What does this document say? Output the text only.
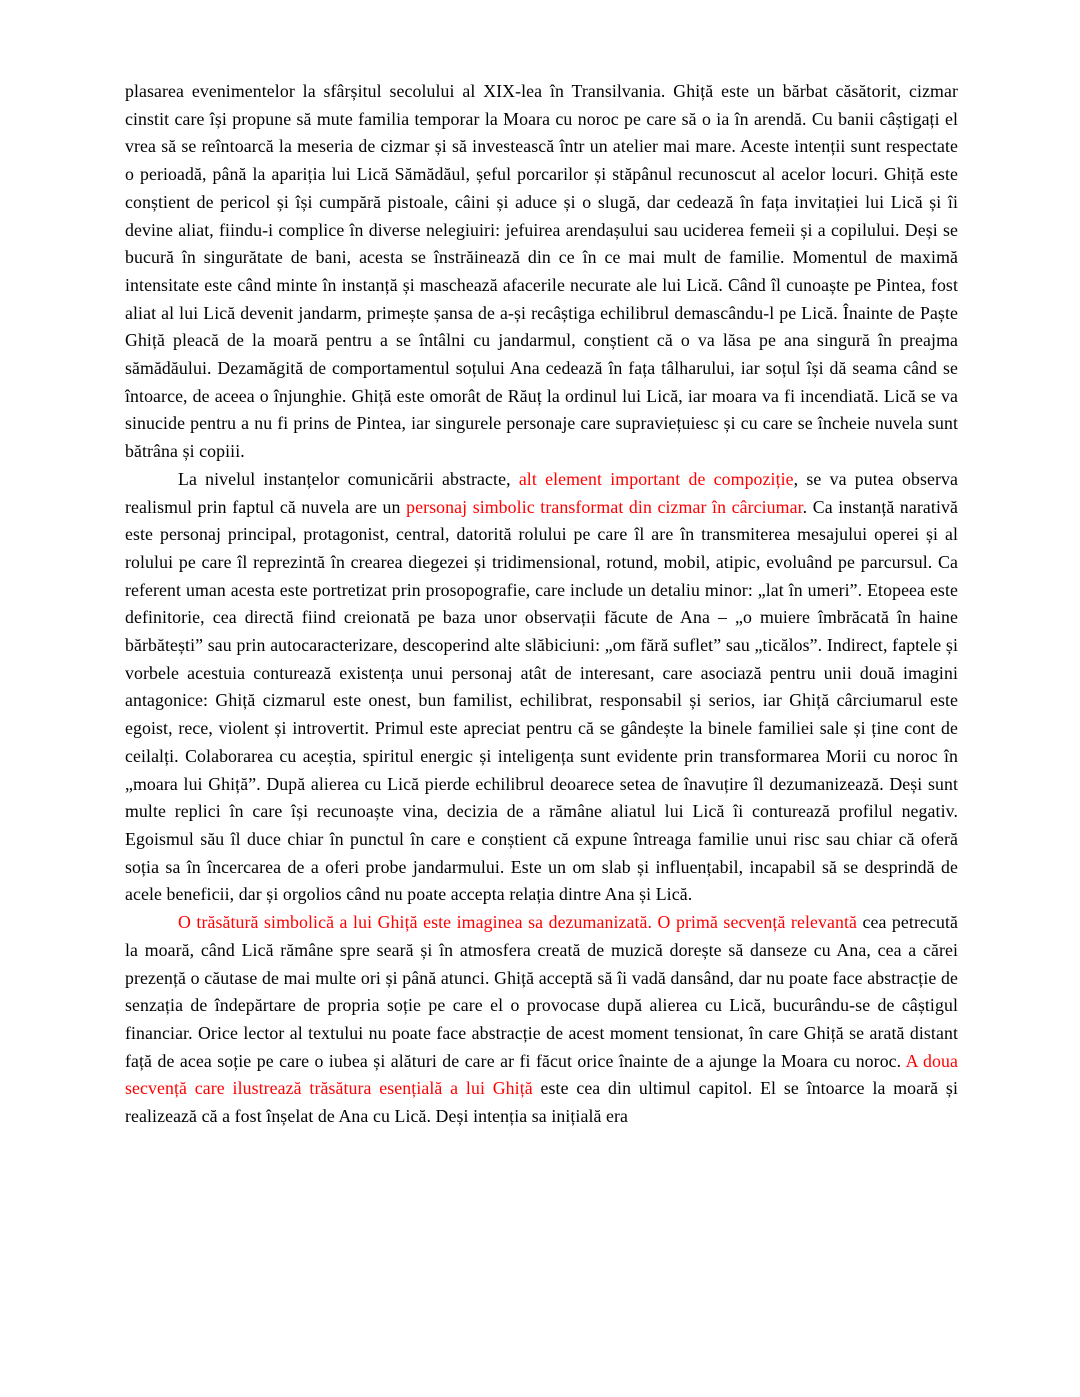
plasarea evenimentelor la sfârșitul secolului al XIX-lea în Transilvania. Ghiță este un bărbat căsătorit, cizmar cinstit care își propune să mute familia temporar la Moara cu noroc pe care să o ia în arendă. Cu banii câștigați el vrea să se reîntoarcă la meseria de cizmar și să investească într un atelier mai mare. Aceste intenții sunt respectate o perioadă, până la apariția lui Lică Sămădăul, șeful porcarilor și stăpânul recunoscut al acelor locuri. Ghiță este conștient de pericol și își cumpără pistoale, câini și aduce și o slugă, dar cedează în fața invitației lui Lică și îi devine aliat, fiindu-i complice în diverse nelegiuiri: jefuirea arendașului sau uciderea femeii și a copilului. Deși se bucură în singurătate de bani, acesta se înstrăinează din ce în ce mai mult de familie. Momentul de maximă intensitate este când minte în instanță și maschează afacerile necurate ale lui Lică. Când îl cunoaște pe Pintea, fost aliat al lui Lică devenit jandarm, primește șansa de a-și recâștiga echilibrul demascându-l pe Lică. Înainte de Paște Ghiță pleacă de la moară pentru a se întâlni cu jandarmul, conștient că o va lăsa pe ana singură în preajma sămădăului. Dezamăgită de comportamentul soțului Ana cedează în fața tâlharului, iar soțul își dă seama când se întoarce, de aceea o înjunghie. Ghiță este omorât de Răuț la ordinul lui Lică, iar moara va fi incendiată. Lică se va sinucide pentru a nu fi prins de Pintea, iar singurele personaje care supraviețuiesc și cu care se încheie nuvela sunt bătrâna și copiii.

La nivelul instanțelor comunicării abstracte, alt element important de compoziție, se va putea observa realismul prin faptul că nuvela are un personaj simbolic transformat din cizmar în cârciumar. Ca instanță narativă este personaj principal, protagonist, central, datorită rolului pe care îl are în transmiterea mesajului operei și al rolului pe care îl reprezintă în crearea diegezei și tridimensional, rotund, mobil, atipic, evoluând pe parcursul. Ca referent uman acesta este portretizat prin prosopografie, care include un detaliu minor: „lat în umeri”. Etopeea este definitorie, cea directă fiind creionată pe baza unor observații făcute de Ana – „o muiere îmbrăcată în haine bărbătești” sau prin autocaracterizare, descoperind alte slăbiciuni: „om fără suflet” sau „ticălos”. Indirect, faptele și vorbele acestuia conturează existența unui personaj atât de interesant, care asociază pentru unii două imagini antagonice: Ghiță cizmarul este onest, bun familist, echilibrat, responsabil și serios, iar Ghiță cârciumarul este egoist, rece, violent și introvertit. Primul este apreciat pentru că se gândește la binele familiei sale și ține cont de ceilalți. Colaborarea cu aceștia, spiritul energic și inteligența sunt evidente prin transformarea Morii cu noroc în „moara lui Ghiță”. După alierea cu Lică pierde echilibrul deoarece setea de înavuțire îl dezumanizează. Deși sunt multe replici în care își recunoaște vina, decizia de a rămâne aliatul lui Lică îi conturează profilul negativ. Egoismul său îl duce chiar în punctul în care e conștient că expune întreaga familie unui risc sau chiar că oferă soția sa în încercarea de a oferi probe jandarmului. Este un om slab și influențabil, incapabil să se desprindă de acele beneficii, dar și orgolios când nu poate accepta relația dintre Ana și Lică.

O trăsătură simbolică a lui Ghiță este imaginea sa dezumanizată. O primă secvență relevantă cea petrecută la moară, când Lică rămâne spre seară și în atmosfera creată de muzică dorește să danseze cu Ana, cea a cărei prezență o căutase de mai multe ori și până atunci. Ghiță acceptă să îi vadă dansând, dar nu poate face abstracție de senzația de îndepărtare de propria soție pe care el o provocase după alierea cu Lică, bucurându-se de câștigul financiar. Orice lector al textului nu poate face abstracție de acest moment tensionat, în care Ghiță se arată distant față de acea soție pe care o iubea și alături de care ar fi făcut orice înainte de a ajunge la Moara cu noroc. A doua secvență care ilustrează trăsătura esențială a lui Ghiță este cea din ultimul capitol. El se întoarce la moară și realizează că a fost înșelat de Ana cu Lică. Deși intenția sa inițială era
